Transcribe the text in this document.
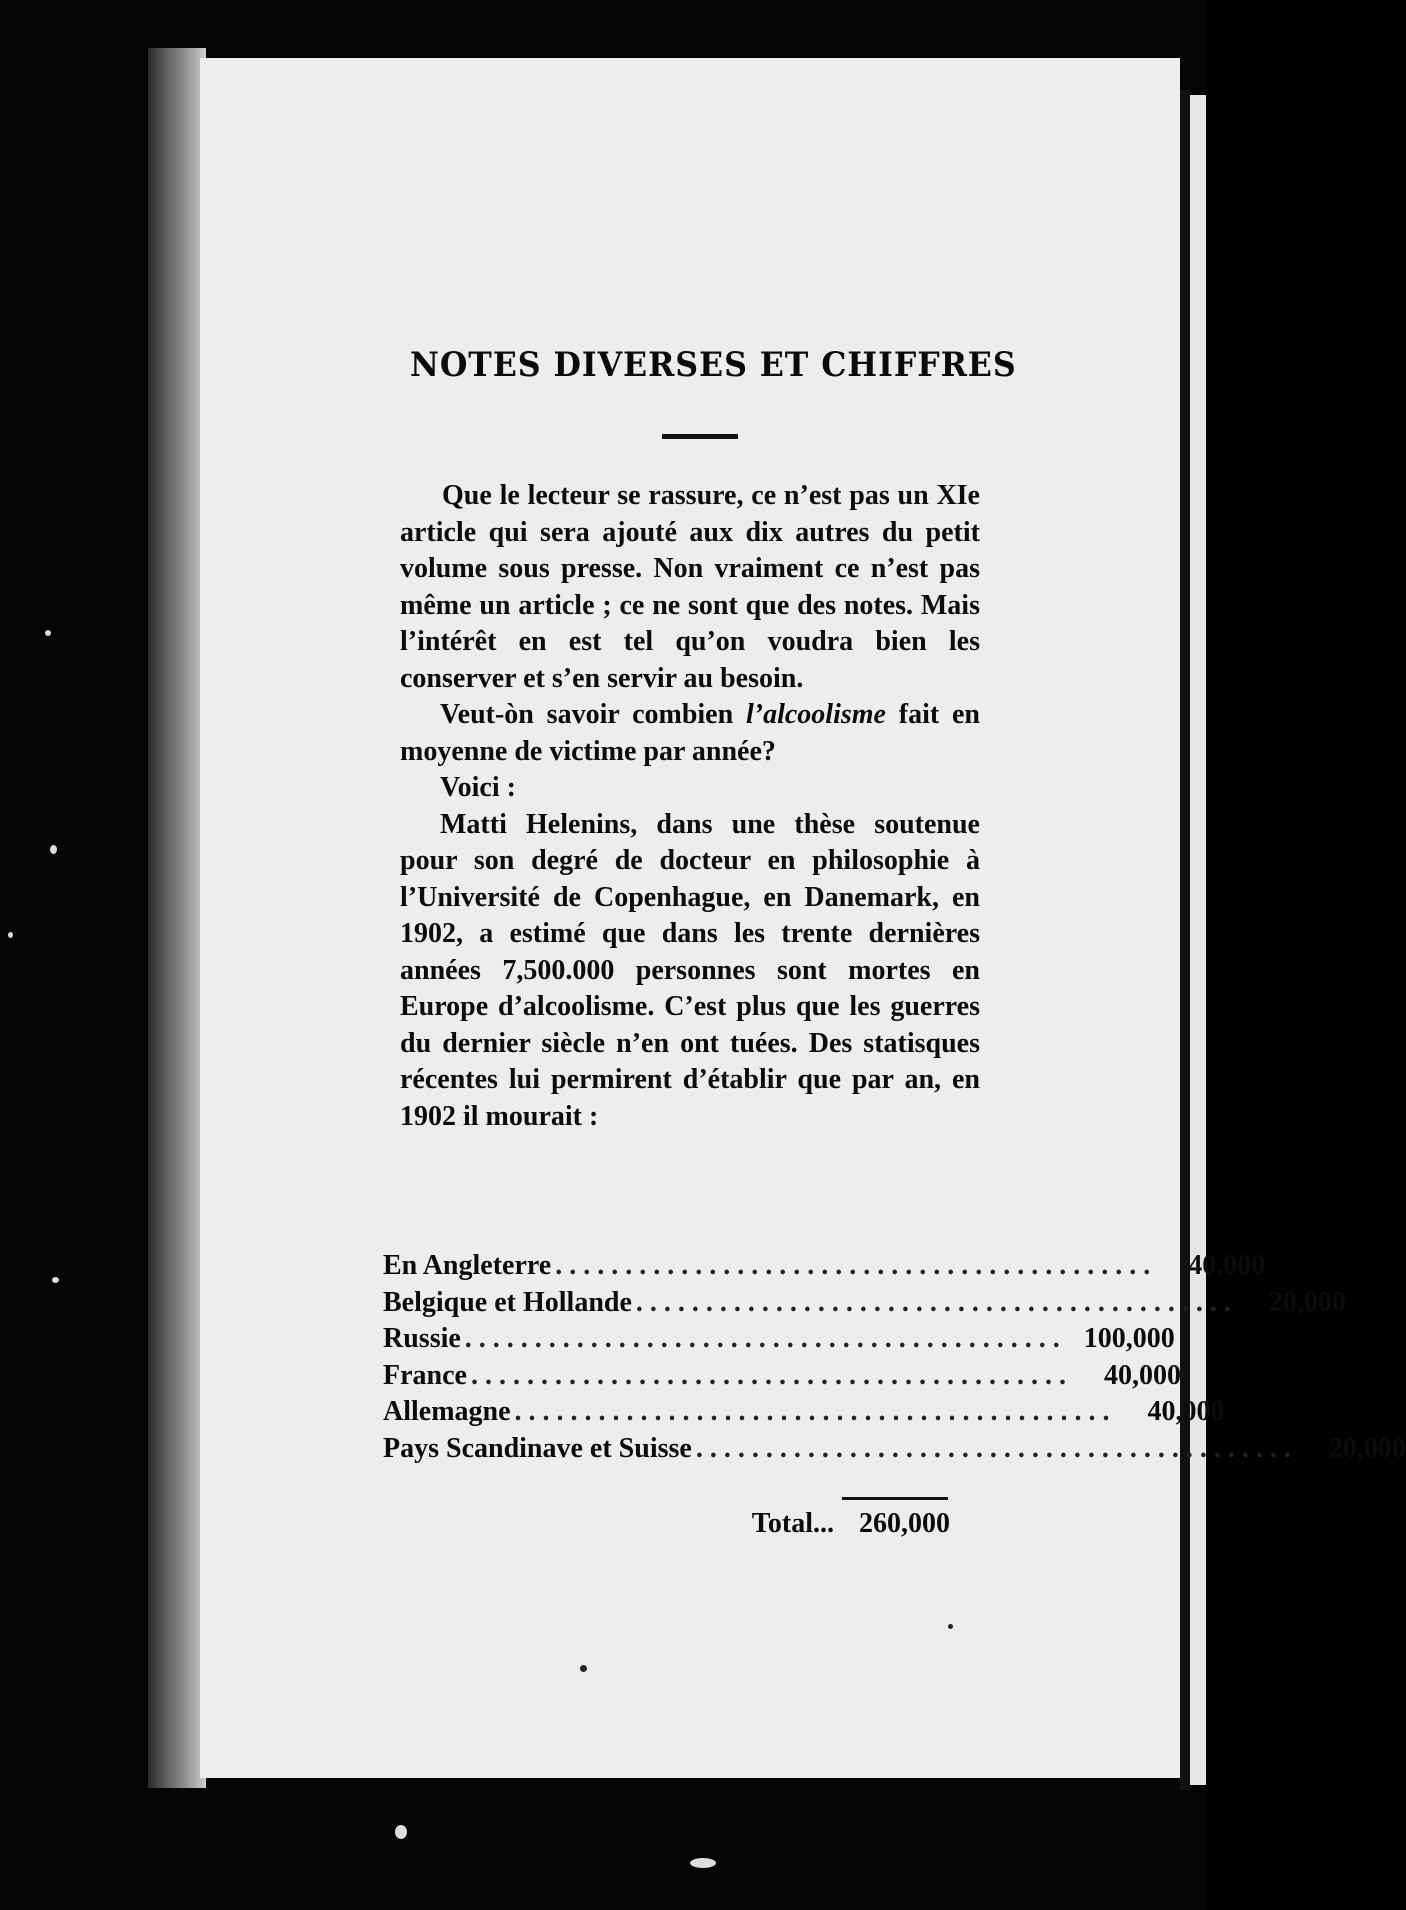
NOTES DIVERSES ET CHIFFRES

Que le lecteur se rassure, ce n’est pas un XIe article qui sera ajouté aux dix autres du petit volume sous presse. Non vraiment ce n’est pas même un article ; ce ne sont que des notes. Mais l’intérêt en est tel qu’on voudra bien les conserver et s’en servir au besoin.

Veut-òn savoir combien l’alcoolisme fait en moyenne de victime par année?

Voici :

Matti Helenins, dans une thèse soutenue pour son degré de docteur en philosophie à l’Université de Copenhague, en Danemark, en 1902, a estimé que dans les trente dernières années 7,500.000 personnes sont mortes en Europe d’alcoolisme. C’est plus que les guerres du dernier siècle n’en ont tuées. Des statisques récentes lui permirent d’établir que par an, en 1902 il mourait :

En Angleterre ...........................................	40,000
Belgique et Hollande ...........................................	20,000
Russie ........................................... 100,000
France ...........................................	40,000
Allemagne ...........................................	40,000
Pays Scandinave et Suisse ...........................................	20,000
Total... 260,000
